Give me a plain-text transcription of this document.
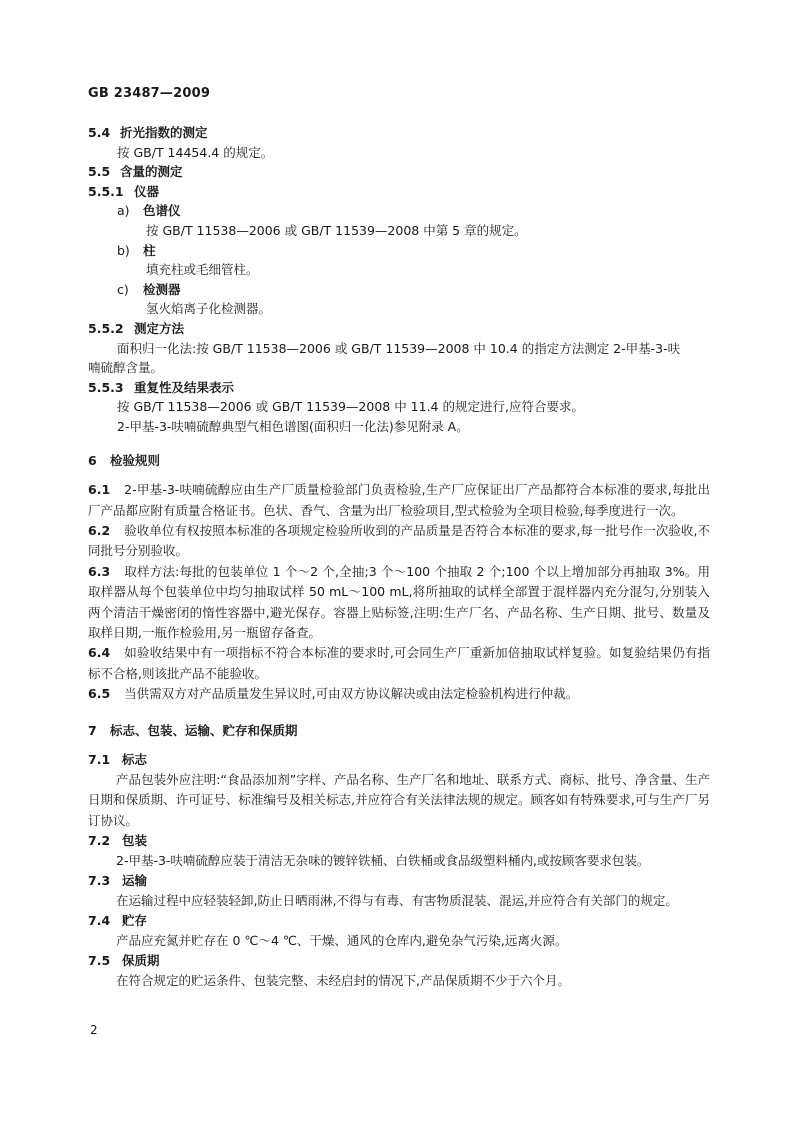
GB 23487—2009
5.4 折光指数的测定
按 GB/T 14454.4 的规定。
5.5 含量的测定
5.5.1 仪器
a) 色谱仪
按 GB/T 11538—2006 或 GB/T 11539—2008 中第 5 章的规定。
b) 柱
填充柱或毛细管柱。
c) 检测器
氢火焰离子化检测器。
5.5.2 测定方法
面积归一化法:按 GB/T 11538—2006 或 GB/T 11539—2008 中 10.4 的指定方法测定 2-甲基-3-呋
喃硫醇含量。
5.5.3 重复性及结果表示
按 GB/T 11538—2006 或 GB/T 11539—2008 中 11.4 的规定进行,应符合要求。
2-甲基-3-呋喃硫醇典型气相色谱图(面积归一化法)参见附录 A。
6 检验规则
6.1 2-甲基-3-呋喃硫醇应由生产厂质量检验部门负责检验,生产厂应保证出厂产品都符合本标准的要求,每批出厂产品都应附有质量合格证书。色状、香气、含量为出厂检验项目,型式检验为全项目检验,每季度进行一次。
6.2 验收单位有权按照本标准的各项规定检验所收到的产品质量是否符合本标准的要求,每一批号作一次验收,不同批号分别验收。
6.3 取样方法:每批的包装单位 1 个～2 个,全抽;3 个～100 个抽取 2 个;100 个以上增加部分再抽取 3%。用取样器从每个包装单位中均匀抽取试样 50 mL～100 mL,将所抽取的试样全部置于混样器内充分混匀,分别装入两个清洁干燥密闭的惰性容器中,避光保存。容器上贴标签,注明:生产厂名、产品名称、生产日期、批号、数量及取样日期,一瓶作检验用,另一瓶留存备查。
6.4 如验收结果中有一项指标不符合本标准的要求时,可会同生产厂重新加倍抽取试样复验。如复验结果仍有指标不合格,则该批产品不能验收。
6.5 当供需双方对产品质量发生异议时,可由双方协议解决或由法定检验机构进行仲裁。
7 标志、包装、运输、贮存和保质期
7.1 标志
产品包装外应注明:“食品添加剂”字样、产品名称、生产厂名和地址、联系方式、商标、批号、净含量、生产日期和保质期、许可证号、标准编号及相关标志,并应符合有关法律法规的规定。顾客如有特殊要求,可与生产厂另订协议。
7.2 包装
2-甲基-3-呋喃硫醇应装于清洁无杂味的镀锌铁桶、白铁桶或食品级塑料桶内,或按顾客要求包装。
7.3 运输
在运输过程中应轻装轻卸,防止日晒雨淋,不得与有毒、有害物质混装、混运,并应符合有关部门的规定。
7.4 贮存
产品应充氮并贮存在 0 ℃～4 ℃、干燥、通风的仓库内,避免杂气污染,远离火源。
7.5 保质期
在符合规定的贮运条件、包装完整、未经启封的情况下,产品保质期不少于六个月。
2
